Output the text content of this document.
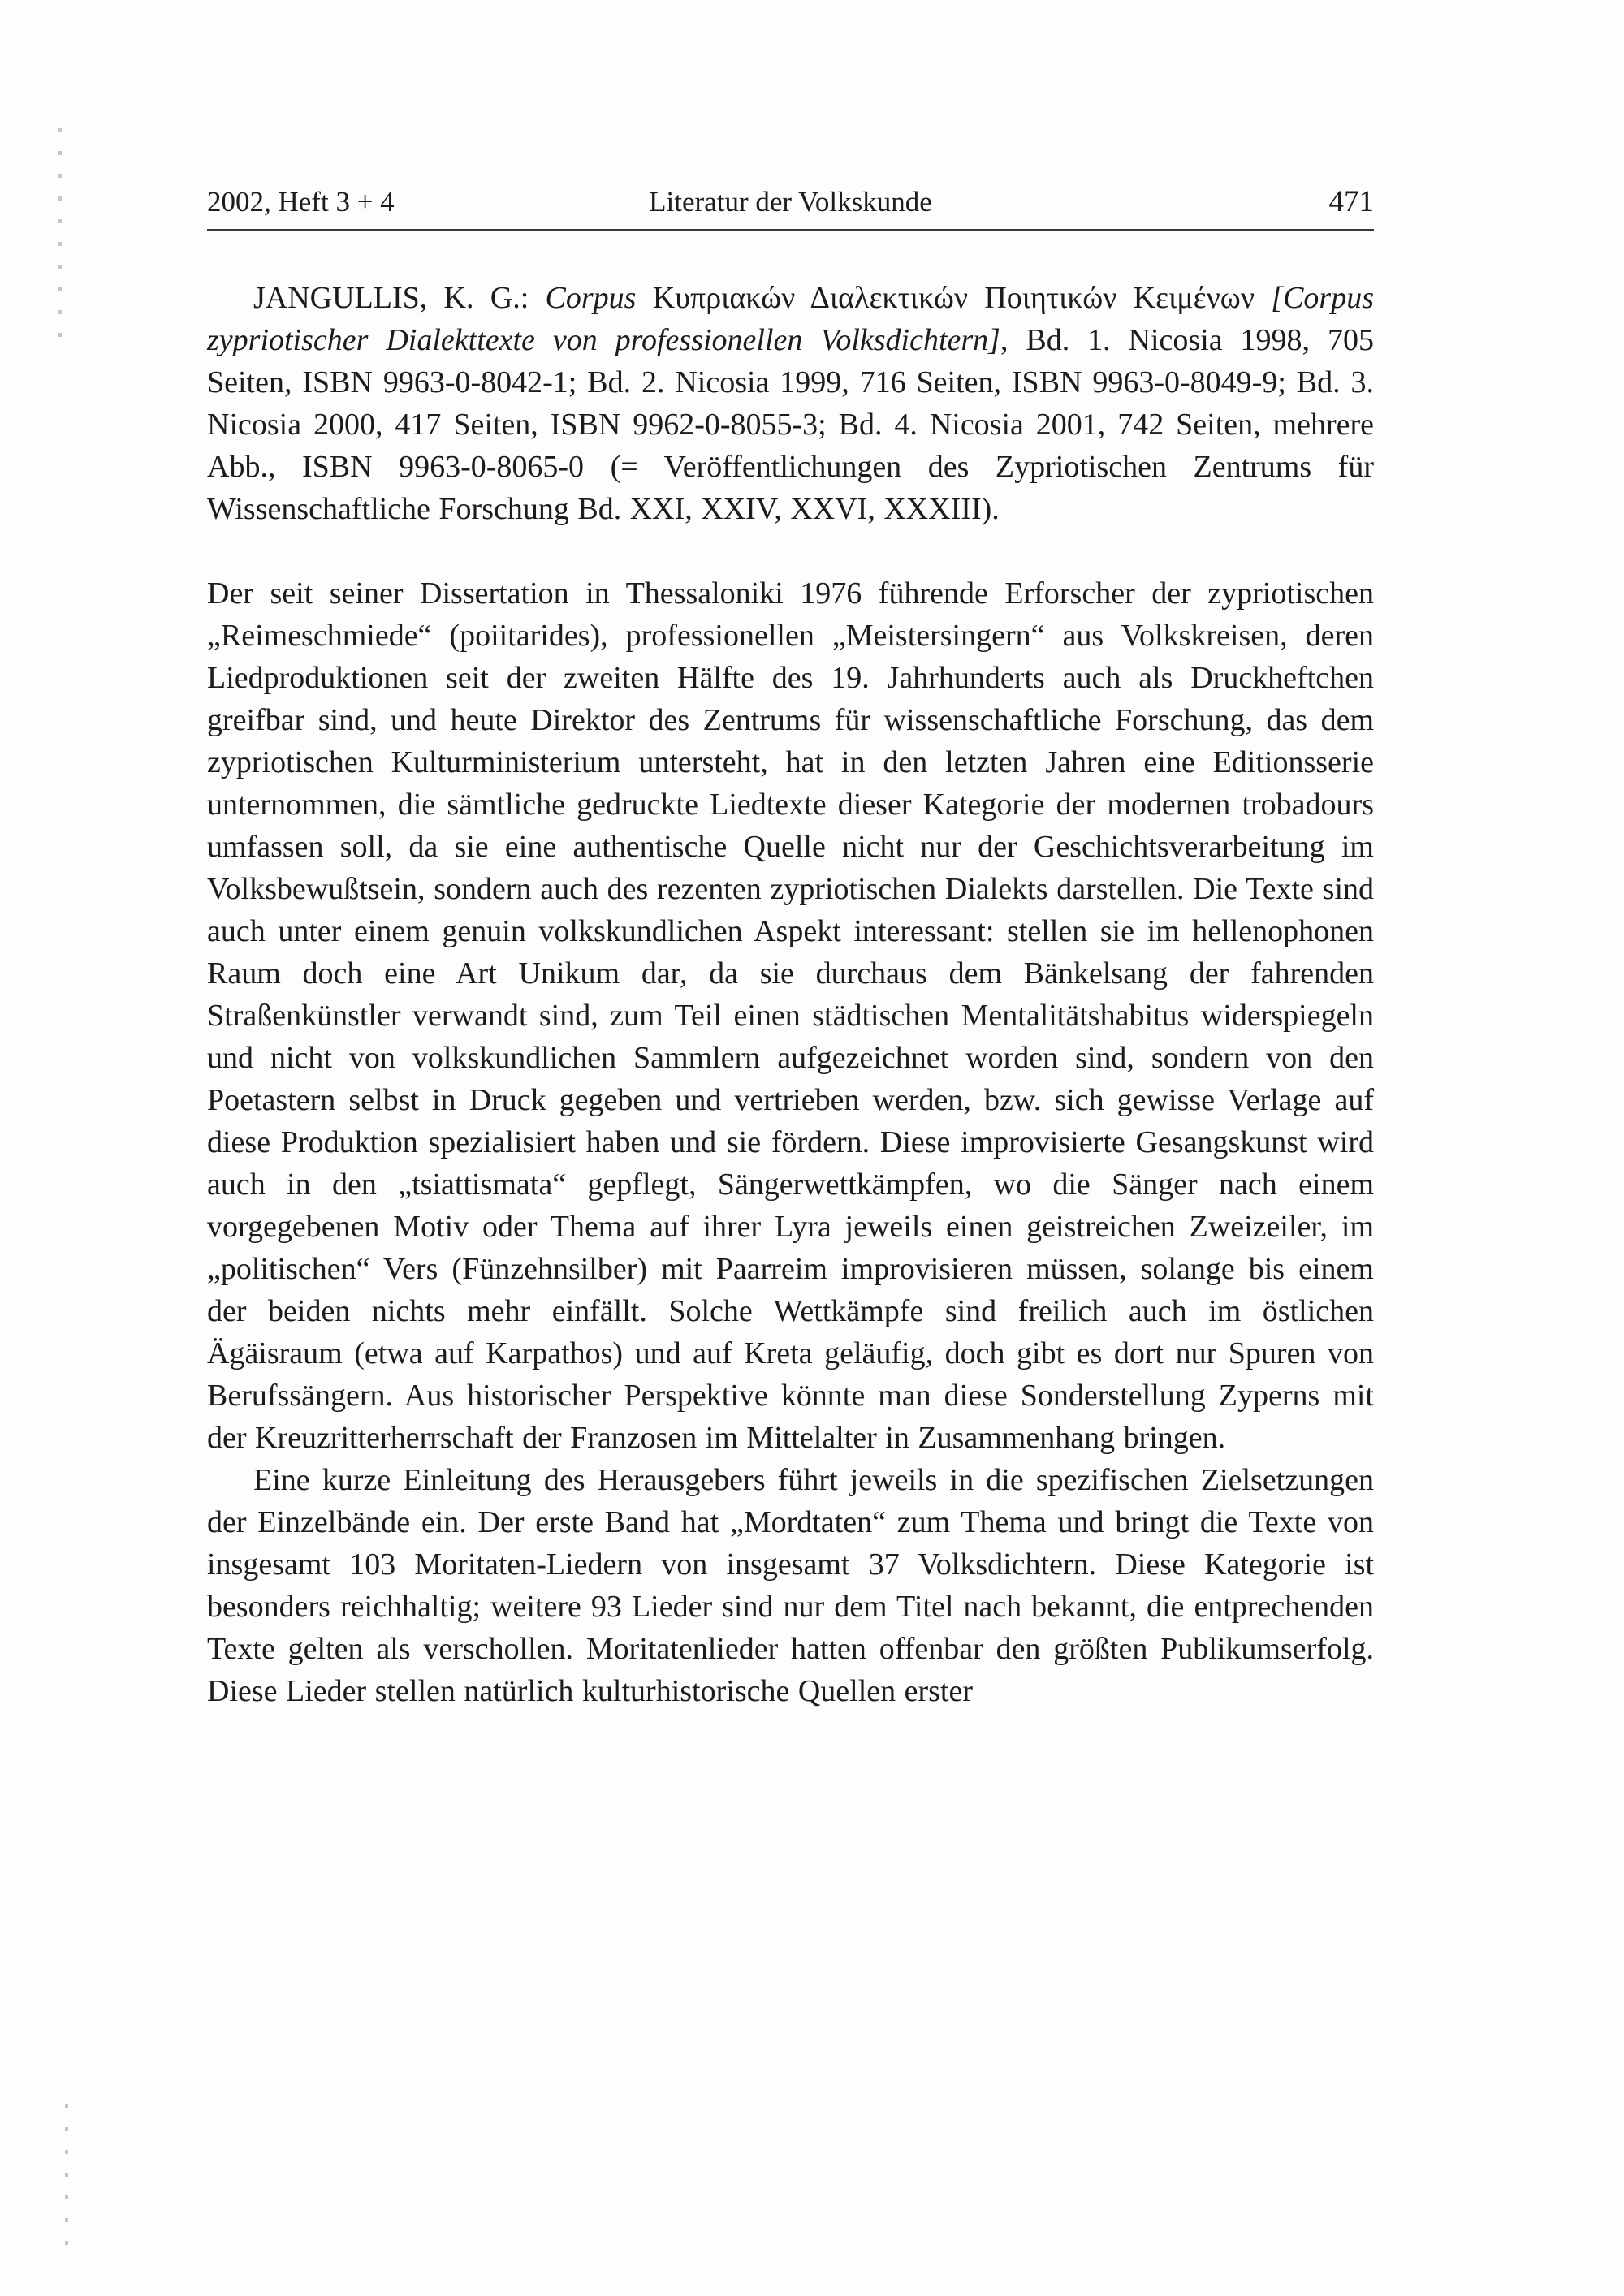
2002, Heft 3 + 4	Literatur der Volkskunde	471

JANGULLIS, K. G.: Corpus Κυπριακών Διαλεκτικών Ποιητικών Κειμένων [Corpus zypriotischer Dialekttexte von professionellen Volksdichtern], Bd. 1. Nicosia 1998, 705 Seiten, ISBN 9963-0-8042-1; Bd. 2. Nicosia 1999, 716 Seiten, ISBN 9963-0-8049-9; Bd. 3. Nicosia 2000, 417 Seiten, ISBN 9962-0-8055-3; Bd. 4. Nicosia 2001, 742 Seiten, mehrere Abb., ISBN 9963-0-8065-0 (= Veröffentlichungen des Zypriotischen Zentrums für Wissenschaftliche Forschung Bd. XXI, XXIV, XXVI, XXXIII).

Der seit seiner Dissertation in Thessaloniki 1976 führende Erforscher der zypriotischen „Reimeschmiede“ (poiitarides), professionellen „Meistersingern“ aus Volkskreisen, deren Liedproduktionen seit der zweiten Hälfte des 19. Jahrhunderts auch als Druckheftchen greifbar sind, und heute Direktor des Zentrums für wissenschaftliche Forschung, das dem zypriotischen Kulturministerium untersteht, hat in den letzten Jahren eine Editionsserie unternommen, die sämtliche gedruckte Liedtexte dieser Kategorie der modernen trobadours umfassen soll, da sie eine authentische Quelle nicht nur der Geschichtsverarbeitung im Volksbewußtsein, sondern auch des rezenten zypriotischen Dialekts darstellen. Die Texte sind auch unter einem genuin volkskundlichen Aspekt interessant: stellen sie im hellenophonen Raum doch eine Art Unikum dar, da sie durchaus dem Bänkelsang der fahrenden Straßenkünstler verwandt sind, zum Teil einen städtischen Mentalitätshabitus widerspiegeln und nicht von volkskundlichen Sammlern aufgezeichnet worden sind, sondern von den Poetastern selbst in Druck gegeben und vertrieben werden, bzw. sich gewisse Verlage auf diese Produktion spezialisiert haben und sie fördern. Diese improvisierte Gesangskunst wird auch in den „tsiattismata“ gepflegt, Sängerwettkämpfen, wo die Sänger nach einem vorgegebenen Motiv oder Thema auf ihrer Lyra jeweils einen geistreichen Zweizeiler, im „politischen“ Vers (Fünzehnsilber) mit Paarreim improvisieren müssen, solange bis einem der beiden nichts mehr einfällt. Solche Wettkämpfe sind freilich auch im östlichen Ägäisraum (etwa auf Karpathos) und auf Kreta geläufig, doch gibt es dort nur Spuren von Berufssängern. Aus historischer Perspektive könnte man diese Sonderstellung Zyperns mit der Kreuzritterherrschaft der Franzosen im Mittelalter in Zusammenhang bringen.

Eine kurze Einleitung des Herausgebers führt jeweils in die spezifischen Zielsetzungen der Einzelbände ein. Der erste Band hat „Mordtaten“ zum Thema und bringt die Texte von insgesamt 103 Moritaten-Liedern von insgesamt 37 Volksdichtern. Diese Kategorie ist besonders reichhaltig; weitere 93 Lieder sind nur dem Titel nach bekannt, die entprechenden Texte gelten als verschollen. Moritatenlieder hatten offenbar den größten Publikumserfolg. Diese Lieder stellen natürlich kulturhistorische Quellen erster
